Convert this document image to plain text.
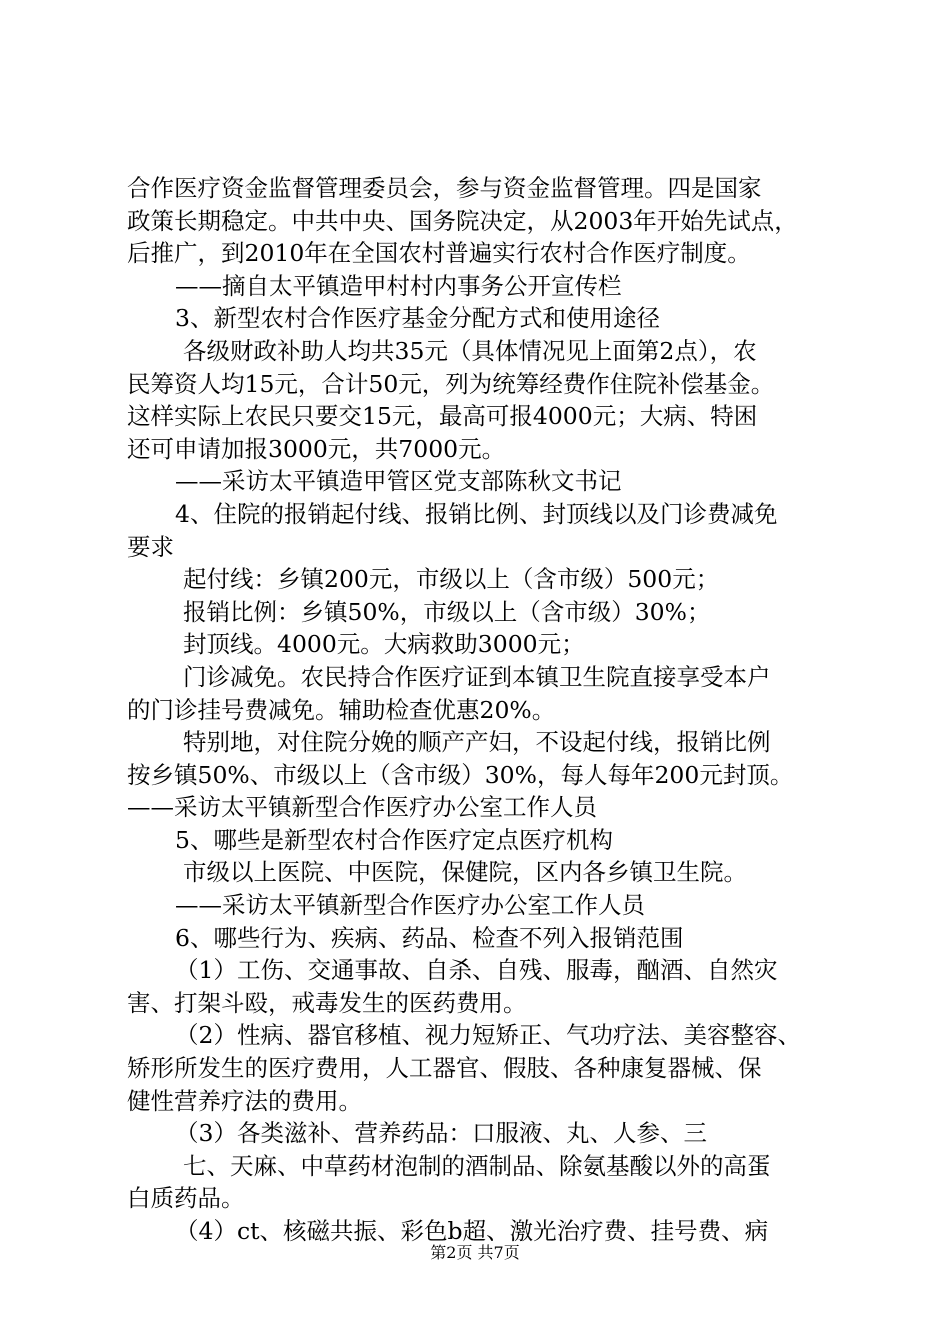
合作医疗资金监督管理委员会，参与资金监督管理。四是国家
政策长期稳定。中共中央、国务院决定，从2003年开始先试点，
后推广，到2010年在全国农村普遍实行农村合作医疗制度。
——摘自太平镇造甲村村内事务公开宣传栏
3、新型农村合作医疗基金分配方式和使用途径
各级财政补助人均共35元（具体情况见上面第2点），农
民筹资人均15元，合计50元，列为统筹经费作住院补偿基金。
这样实际上农民只要交15元，最高可报4000元；大病、特困
还可申请加报3000元，共7000元。
——采访太平镇造甲管区党支部陈秋文书记
4、住院的报销起付线、报销比例、封顶线以及门诊费减免
要求
起付线：乡镇200元，市级以上（含市级）500元；
报销比例：乡镇50%，市级以上（含市级）30%；
封顶线。4000元。大病救助3000元；
门诊减免。农民持合作医疗证到本镇卫生院直接享受本户
的门诊挂号费减免。辅助检查优惠20%。
特别地，对住院分娩的顺产产妇，不设起付线，报销比例
按乡镇50%、市级以上（含市级）30%，每人每年200元封顶。
——采访太平镇新型合作医疗办公室工作人员
5、哪些是新型农村合作医疗定点医疗机构
市级以上医院、中医院，保健院，区内各乡镇卫生院。
——采访太平镇新型合作医疗办公室工作人员
6、哪些行为、疾病、药品、检查不列入报销范围
（1）工伤、交通事故、自杀、自残、服毒，酗酒、自然灾
害、打架斗殴，戒毒发生的医药费用。
（2）性病、器官移植、视力短矫正、气功疗法、美容整容、
矫形所发生的医疗费用，人工器官、假肢、各种康复器械、保
健性营养疗法的费用。
（3）各类滋补、营养药品：口服液、丸、人参、三
七、天麻、中草药材泡制的酒制品、除氨基酸以外的高蛋
白质药品。
（4）ct、核磁共振、彩色b超、激光治疗费、挂号费、病
第2页 共7页
